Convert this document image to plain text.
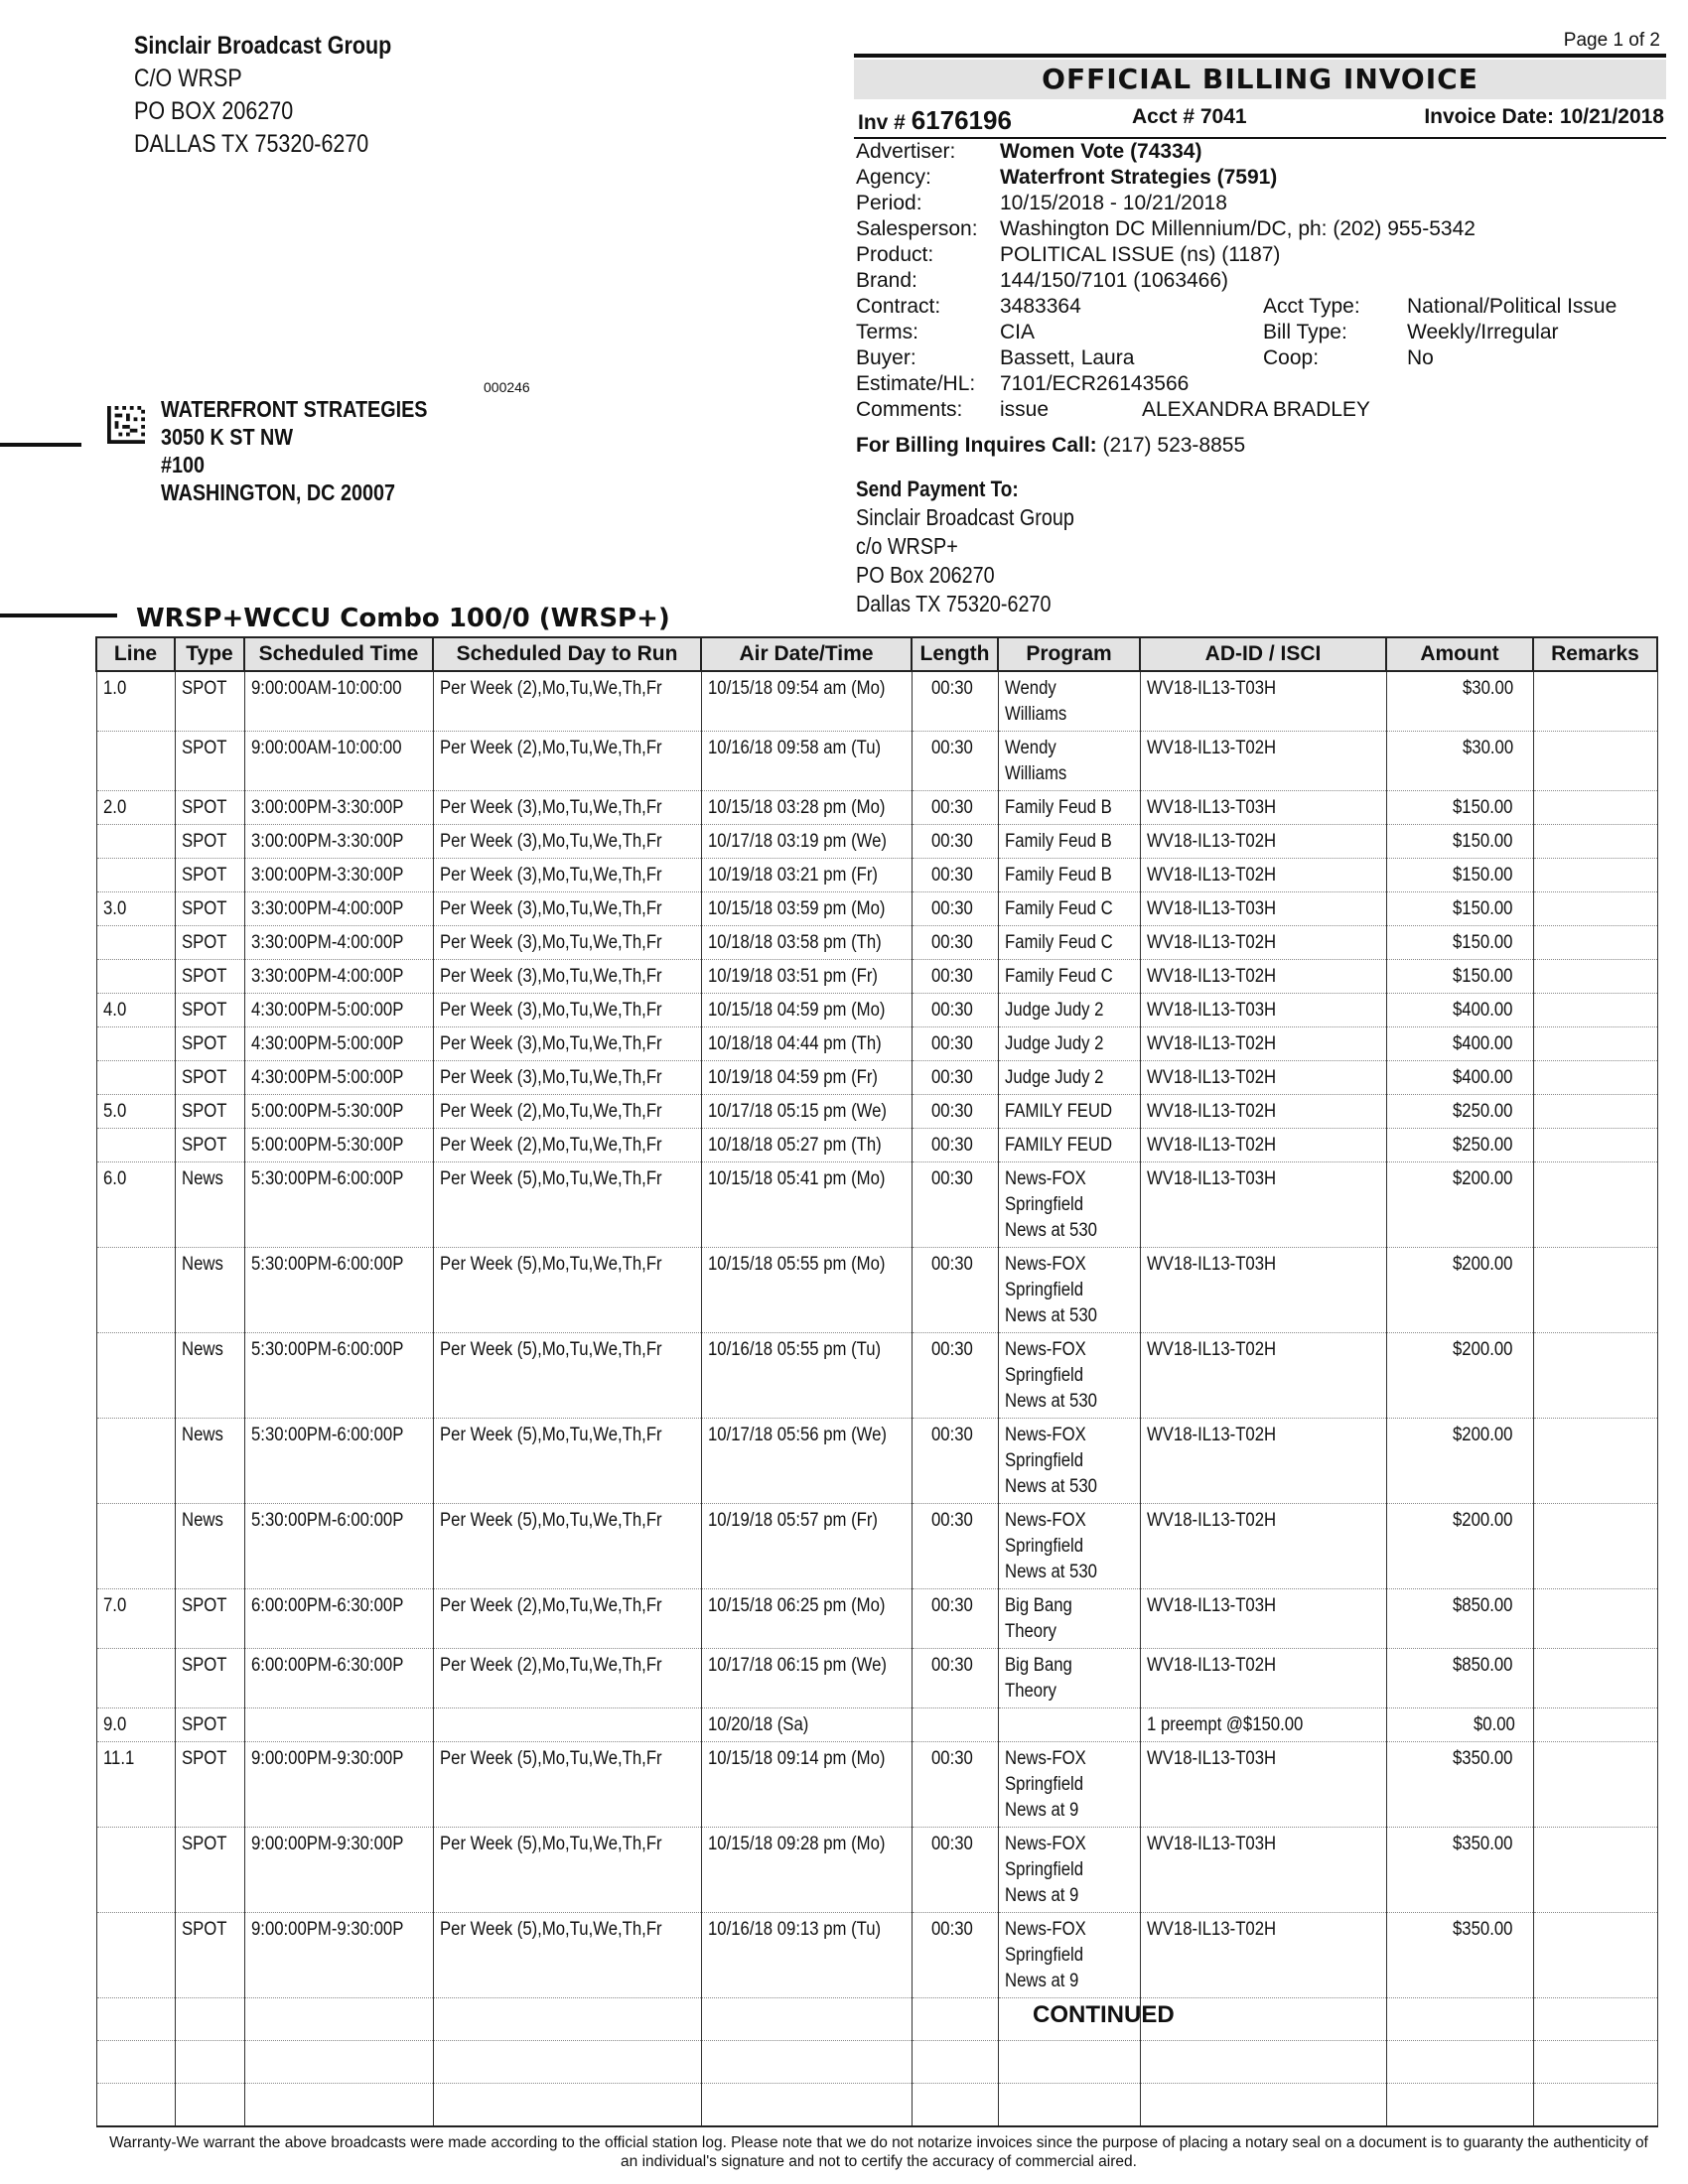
Sinclair Broadcast Group
C/O WRSP
PO BOX 206270
DALLAS TX 75320-6270
Page 1 of 2
OFFICIAL BILLING INVOICE
Inv # 6176196	Acct # 7041	Invoice Date: 10/21/2018
Advertiser: Women Vote (74334)
Agency:	Waterfront Strategies (7591)
Period:	10/15/2018 - 10/21/2018
Salesperson: Washington DC Millennium/DC, ph: (202) 955-5342
Product:	POLITICAL ISSUE (ns) (1187)
Brand:	144/150/7101 (1063466)
Contract:	3483364	Acct Type: National/Political Issue
Terms:	CIA	Bill Type:	Weekly/Irregular
Buyer:	Bassett, Laura	Coop:	No
Estimate/HL: 7101/ECR26143566
Comments: issue	ALEXANDRA BRADLEY
For Billing Inquires Call: (217) 523-8855
Send Payment To:
Sinclair Broadcast Group
c/o WRSP+
PO Box 206270
Dallas TX 75320-6270
000246
WATERFRONT STRATEGIES
3050 K ST NW
#100
WASHINGTON, DC 20007
WRSP+WCCU Combo 100/0 (WRSP+)
Line	Type	Scheduled Time	Scheduled Day to Run	Air Date/Time	Length	Program	AD-ID / ISCI	Amount	Remarks
1.0	SPOT	9:00:00AM-10:00:00	Per Week (2),Mo,Tu,We,Th,Fr	10/15/18 09:54 am (Mo)	00:30	Wendy Williams	WV18-IL13-T03H	$30.00	
	SPOT	9:00:00AM-10:00:00	Per Week (2),Mo,Tu,We,Th,Fr	10/16/18 09:58 am (Tu)	00:30	Wendy Williams	WV18-IL13-T02H	$30.00	
2.0	SPOT	3:00:00PM-3:30:00P	Per Week (3),Mo,Tu,We,Th,Fr	10/15/18 03:28 pm (Mo)	00:30	Family Feud B	WV18-IL13-T03H	$150.00	
	SPOT	3:00:00PM-3:30:00P	Per Week (3),Mo,Tu,We,Th,Fr	10/17/18 03:19 pm (We)	00:30	Family Feud B	WV18-IL13-T02H	$150.00	
	SPOT	3:00:00PM-3:30:00P	Per Week (3),Mo,Tu,We,Th,Fr	10/19/18 03:21 pm (Fr)	00:30	Family Feud B	WV18-IL13-T02H	$150.00	
3.0	SPOT	3:30:00PM-4:00:00P	Per Week (3),Mo,Tu,We,Th,Fr	10/15/18 03:59 pm (Mo)	00:30	Family Feud C	WV18-IL13-T03H	$150.00	
	SPOT	3:30:00PM-4:00:00P	Per Week (3),Mo,Tu,We,Th,Fr	10/18/18 03:58 pm (Th)	00:30	Family Feud C	WV18-IL13-T02H	$150.00	
	SPOT	3:30:00PM-4:00:00P	Per Week (3),Mo,Tu,We,Th,Fr	10/19/18 03:51 pm (Fr)	00:30	Family Feud C	WV18-IL13-T02H	$150.00	
4.0	SPOT	4:30:00PM-5:00:00P	Per Week (3),Mo,Tu,We,Th,Fr	10/15/18 04:59 pm (Mo)	00:30	Judge Judy 2	WV18-IL13-T03H	$400.00	
	SPOT	4:30:00PM-5:00:00P	Per Week (3),Mo,Tu,We,Th,Fr	10/18/18 04:44 pm (Th)	00:30	Judge Judy 2	WV18-IL13-T02H	$400.00	
	SPOT	4:30:00PM-5:00:00P	Per Week (3),Mo,Tu,We,Th,Fr	10/19/18 04:59 pm (Fr)	00:30	Judge Judy 2	WV18-IL13-T02H	$400.00	
5.0	SPOT	5:00:00PM-5:30:00P	Per Week (2),Mo,Tu,We,Th,Fr	10/17/18 05:15 pm (We)	00:30	FAMILY FEUD	WV18-IL13-T02H	$250.00	
	SPOT	5:00:00PM-5:30:00P	Per Week (2),Mo,Tu,We,Th,Fr	10/18/18 05:27 pm (Th)	00:30	FAMILY FEUD	WV18-IL13-T02H	$250.00	
6.0	News	5:30:00PM-6:00:00P	Per Week (5),Mo,Tu,We,Th,Fr	10/15/18 05:41 pm (Mo)	00:30	News-FOX Springfield News at 530	WV18-IL13-T03H	$200.00	
	News	5:30:00PM-6:00:00P	Per Week (5),Mo,Tu,We,Th,Fr	10/15/18 05:55 pm (Mo)	00:30	News-FOX Springfield News at 530	WV18-IL13-T03H	$200.00	
	News	5:30:00PM-6:00:00P	Per Week (5),Mo,Tu,We,Th,Fr	10/16/18 05:55 pm (Tu)	00:30	News-FOX Springfield News at 530	WV18-IL13-T02H	$200.00	
	News	5:30:00PM-6:00:00P	Per Week (5),Mo,Tu,We,Th,Fr	10/17/18 05:56 pm (We)	00:30	News-FOX Springfield News at 530	WV18-IL13-T02H	$200.00	
	News	5:30:00PM-6:00:00P	Per Week (5),Mo,Tu,We,Th,Fr	10/19/18 05:57 pm (Fr)	00:30	News-FOX Springfield News at 530	WV18-IL13-T02H	$200.00	
7.0	SPOT	6:00:00PM-6:30:00P	Per Week (2),Mo,Tu,We,Th,Fr	10/15/18 06:25 pm (Mo)	00:30	Big Bang Theory	WV18-IL13-T03H	$850.00	
	SPOT	6:00:00PM-6:30:00P	Per Week (2),Mo,Tu,We,Th,Fr	10/17/18 06:15 pm (We)	00:30	Big Bang Theory	WV18-IL13-T02H	$850.00	
9.0	SPOT			10/20/18 (Sa)			1 preempt @$150.00	$0.00	
11.1	SPOT	9:00:00PM-9:30:00P	Per Week (5),Mo,Tu,We,Th,Fr	10/15/18 09:14 pm (Mo)	00:30	News-FOX Springfield News at 9	WV18-IL13-T03H	$350.00	
	SPOT	9:00:00PM-9:30:00P	Per Week (5),Mo,Tu,We,Th,Fr	10/15/18 09:28 pm (Mo)	00:30	News-FOX Springfield News at 9	WV18-IL13-T03H	$350.00	
	SPOT	9:00:00PM-9:30:00P	Per Week (5),Mo,Tu,We,Th,Fr	10/16/18 09:13 pm (Tu)	00:30	News-FOX Springfield News at 9	WV18-IL13-T02H	$350.00	

CONTINUED
Warranty-We warrant the above broadcasts were made according to the official station log. Please note that we do not notarize invoices since the purpose of placing a notary seal on a document is to guaranty the authenticity of an individual's signature and not to certify the accuracy of commercial aired.
